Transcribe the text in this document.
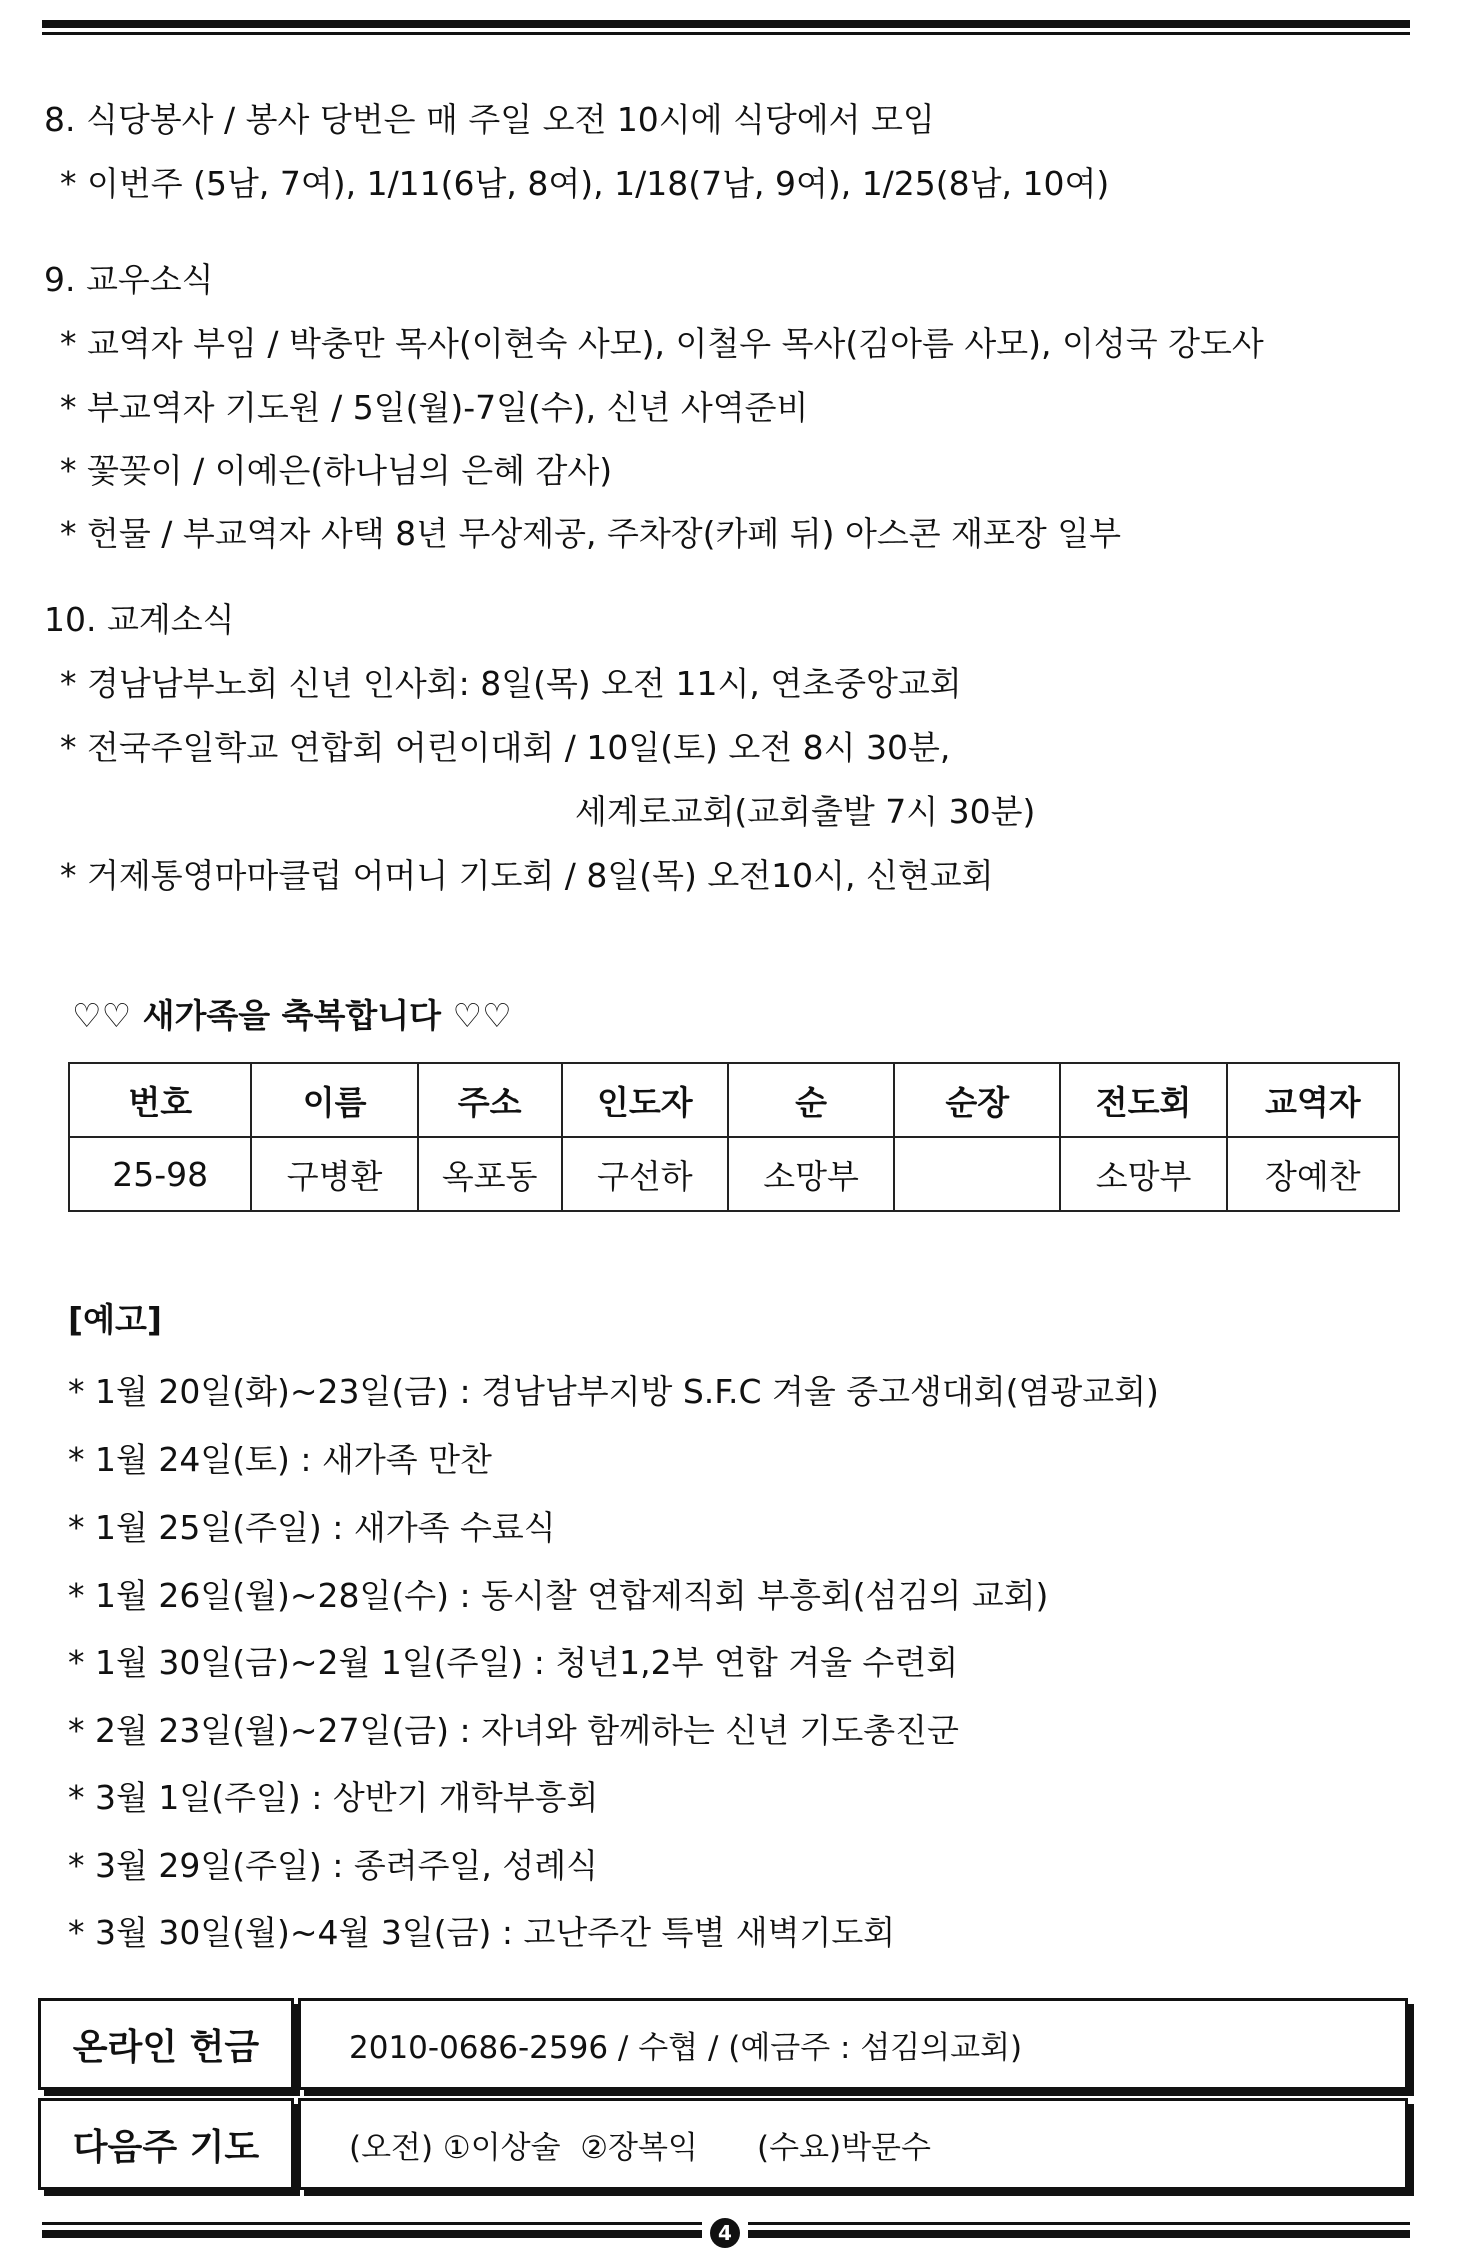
8. 식당봉사 / 봉사 당번은 매 주일 오전 10시에 식당에서 모임
* 이번주 (5남, 7여), 1/11(6남, 8여), 1/18(7남, 9여), 1/25(8남, 10여)
9. 교우소식
* 교역자 부임 / 박충만 목사(이현숙 사모), 이철우 목사(김아름 사모), 이성국 강도사
* 부교역자 기도원 / 5일(월)-7일(수), 신년 사역준비
* 꽃꽂이 / 이예은(하나님의 은혜 감사)
* 헌물 / 부교역자 사택 8년 무상제공, 주차장(카페 뒤) 아스콘 재포장 일부
10. 교계소식
* 경남남부노회 신년 인사회: 8일(목) 오전 11시, 연초중앙교회
* 전국주일학교 연합회 어린이대회 / 10일(토) 오전 8시 30분,
세계로교회(교회출발 7시 30분)
* 거제통영마마클럽 어머니 기도회 / 8일(목) 오전10시, 신현교회
♡♡ 새가족을 축복합니다 ♡♡
번호	이름	주소	인도자	순	순장	전도회	교역자
25-98	구병환	옥포동	구선하	소망부		소망부	장예찬
[예고]
* 1월 20일(화)~23일(금) : 경남남부지방 S.F.C 겨울 중고생대회(염광교회)
* 1월 24일(토) : 새가족 만찬
* 1월 25일(주일) : 새가족 수료식
* 1월 26일(월)~28일(수) : 동시찰 연합제직회 부흥회(섬김의 교회)
* 1월 30일(금)~2월 1일(주일) : 청년1,2부 연합 겨울 수련회
* 2월 23일(월)~27일(금) : 자녀와 함께하는 신년 기도총진군
* 3월 1일(주일) : 상반기 개학부흥회
* 3월 29일(주일) : 종려주일, 성례식
* 3월 30일(월)~4월 3일(금) : 고난주간 특별 새벽기도회
온라인 헌금	2010-0686-2596 / 수협 / (예금주 : 섬김의교회)
다음주 기도	(오전) ①이상술  ②장복익      (수요)박문수
4
